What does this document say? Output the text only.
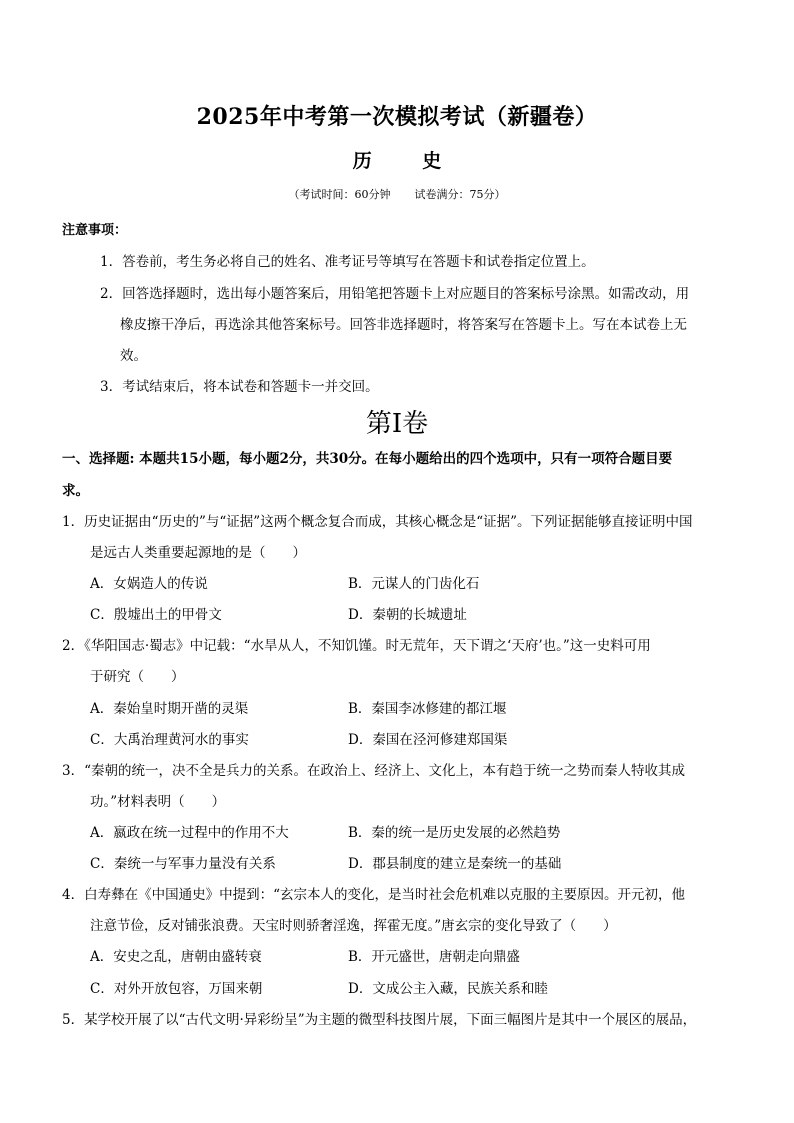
2025年中考第一次模拟考试（新疆卷）
历 史
（考试时间：60分钟 试卷满分：75分）
注意事项：
1．答卷前，考生务必将自己的姓名、准考证号等填写在答题卡和试卷指定位置上。
2．回答选择题时，选出每小题答案后，用铅笔把答题卡上对应题目的答案标号涂黑。如需改动，用
橡皮擦干净后，再选涂其他答案标号。回答非选择题时，将答案写在答题卡上。写在本试卷上无
效。
3．考试结束后，将本试卷和答题卡一并交回。
第Ⅰ卷
一、选择题: 本题共15小题，每小题2分，共30分。在每小题给出的四个选项中，只有一项符合题目要
求。
1．历史证据由“历史的”与“证据”这两个概念复合而成，其核心概念是“证据”。下列证据能够直接证明中国
是远古人类重要起源地的是（　　）
A．女娲造人的传说	B．元谋人的门齿化石
C．殷墟出土的甲骨文	D．秦朝的长城遗址
2．《华阳国志·蜀志》中记载：“水旱从人，不知饥馑。时无荒年，天下谓之‘天府’也。”这一史料可用
于研究（　　）
A．秦始皇时期开凿的灵渠	B．秦国李冰修建的都江堰
C．大禹治理黄河水的事实	D．秦国在泾河修建郑国渠
3．“秦朝的统一，决不全是兵力的关系。在政治上、经济上、文化上，本有趋于统一之势而秦人特收其成
功。”材料表明（　　）
A．嬴政在统一过程中的作用不大	B．秦的统一是历史发展的必然趋势
C．秦统一与军事力量没有关系	D．郡县制度的建立是秦统一的基础
4．白寿彝在《中国通史》中提到：“玄宗本人的变化，是当时社会危机难以克服的主要原因。开元初，他
注意节俭，反对铺张浪费。天宝时则骄奢淫逸，挥霍无度。”唐玄宗的变化导致了（　　）
A．安史之乱，唐朝由盛转衰	B．开元盛世，唐朝走向鼎盛
C．对外开放包容，万国来朝	D．文成公主入藏，民族关系和睦
5．某学校开展了以“古代文明·异彩纷呈”为主题的微型科技图片展，下面三幅图片是其中一个展区的展品，
